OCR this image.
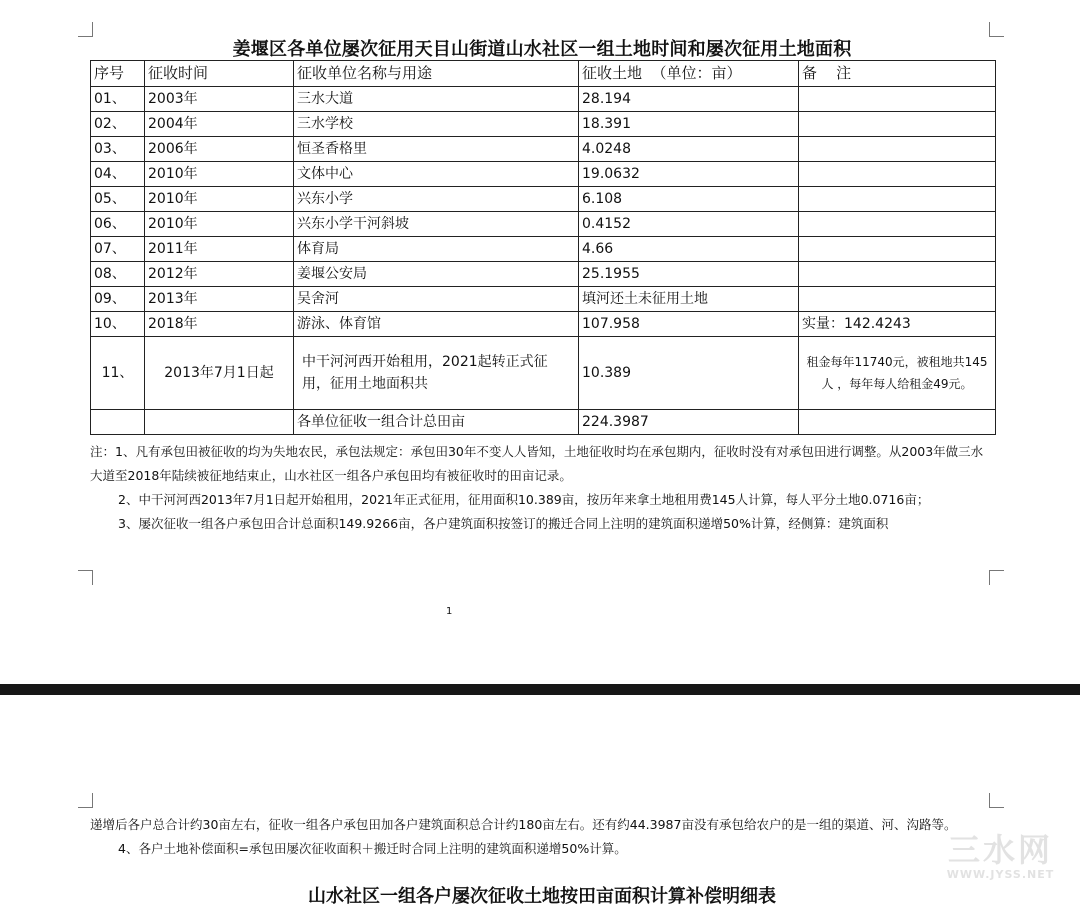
姜堰区各单位屡次征用天目山街道山水社区一组土地时间和屡次征用土地面积
序号	征收时间	征收单位名称与用途	征收土地  （单位：亩）	备    注
01、	2003年	三水大道	28.194	
02、	2004年	三水学校	18.391	
03、	2006年	恒圣香格里	4.0248	
04、	2010年	文体中心	19.0632	
05、	2010年	兴东小学	6.108	
06、	2010年	兴东小学干河斜坡	0.4152	
07、	2011年	体育局	4.66	
08、	2012年	姜堰公安局	25.1955	
09、	2013年	吴舍河	填河还土未征用土地	
10、	2018年	游泳、体育馆	107.958	实量：142.4243
11、	2013年7月1日起	中干河河西开始租用，2021起转正式征用，征用土地面积共	10.389	租金每年11740元，被租地共145人 ，每年每人给租金49元。
		各单位征收一组合计总田亩	224.3987	

注：1、凡有承包田被征收的均为失地农民，承包法规定：承包田30年不变人人皆知，土地征收时均在承包期内，征收时没有对承包田进行调整。从2003年做三水大道至2018年陆续被征地结束止，山水社区一组各户承包田均有被征收时的田亩记录。

2、中干河河西2013年7月1日起开始租用，2021年正式征用，征用面积10.389亩，按历年来拿土地租用费145人计算，每人平分土地0.0716亩；

3、屡次征收一组各户承包田合计总面积149.9266亩，各户建筑面积按签订的搬迁合同上注明的建筑面积递增50%计算，经侧算：建筑面积

1

递增后各户总合计约30亩左右，征收一组各户承包田加各户建筑面积总合计约180亩左右。还有约44.3987亩没有承包给农户的是一组的渠道、河、沟路等。

4、各户土地补偿面积=承包田屡次征收面积＋搬迁时合同上注明的建筑面积递增50%计算。

山水社区一组各户屡次征收土地按田亩面积计算补偿明细表
三水网
WWW.JYSS.NET
